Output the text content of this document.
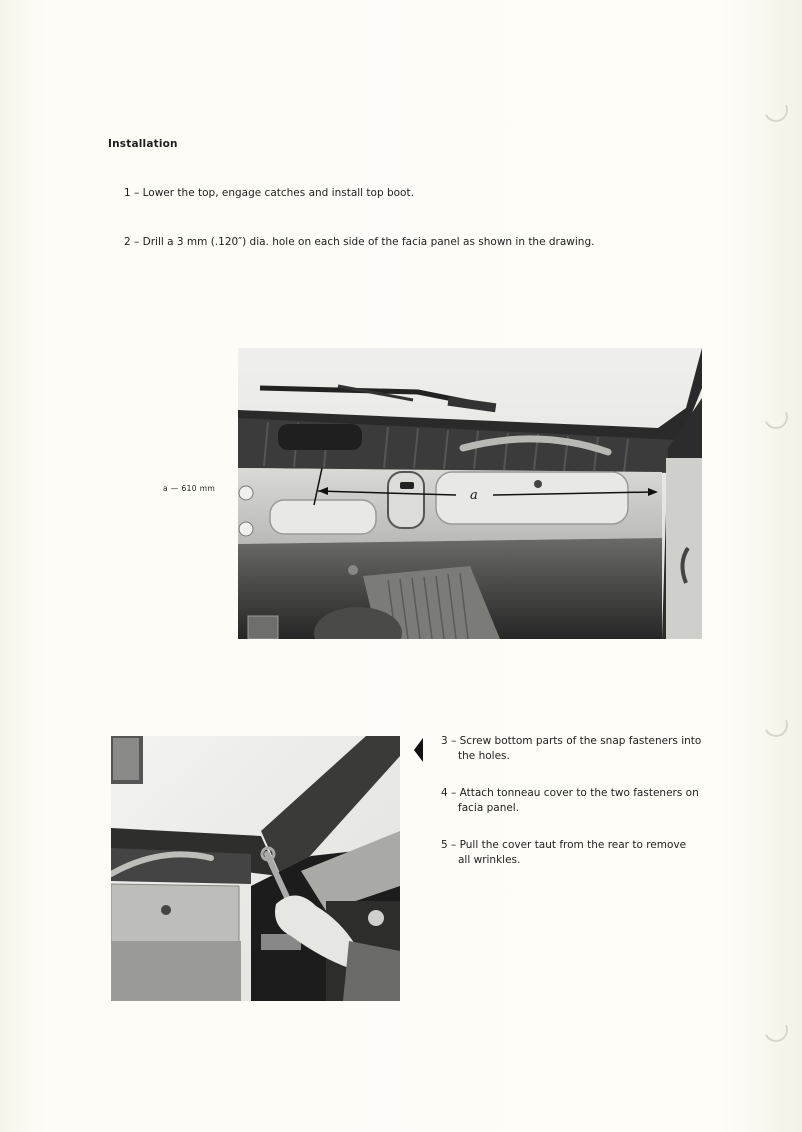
Installation
1 – Lower the top, engage catches and install top boot.
2 – Drill a 3 mm (.120″) dia. hole on each side of the facia panel as shown in the drawing.
a — 610 mm	a
3 – Screw bottom parts of the snap fasteners into
the holes.
4 – Attach tonneau cover to the two fasteners on
facia panel.
5 – Pull the cover taut from the rear to remove
all wrinkles.
